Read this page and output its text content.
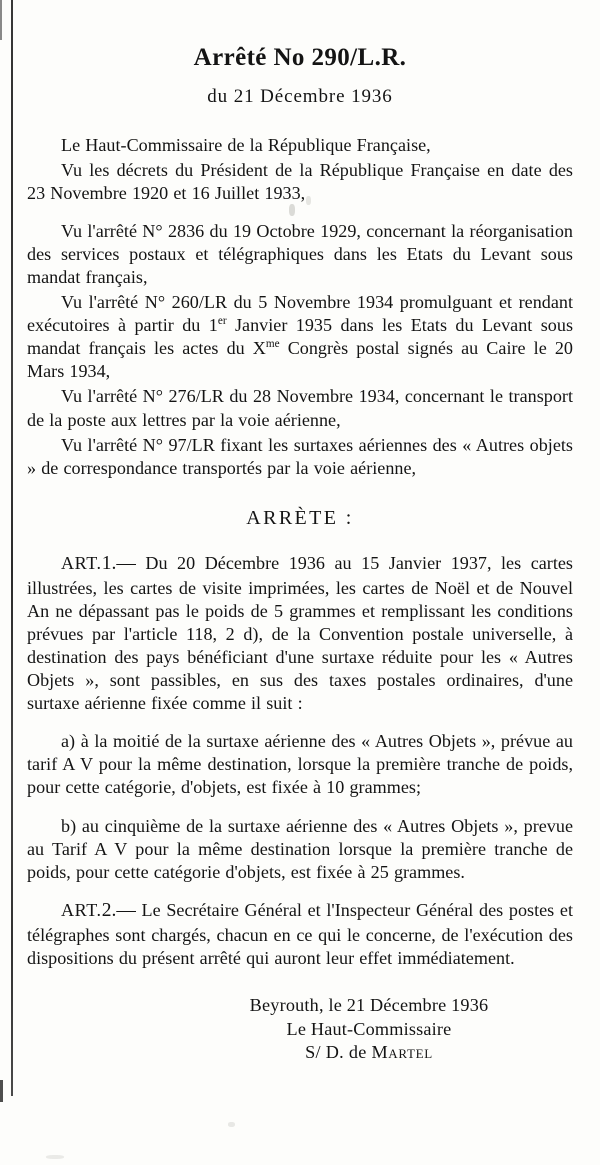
Arrêté No 290/L.R.
du 21 Décembre 1936

Le Haut-Commissaire de la République Française,

Vu les décrets du Président de la République Française en date des 23 Novembre 1920 et 16 Juillet 1933,

Vu l'arrêté N° 2836 du 19 Octobre 1929, concernant la réorganisation des services postaux et télégraphiques dans les Etats du Levant sous mandat français,

Vu l'arrêté N° 260/LR du 5 Novembre 1934 promulguant et rendant exécutoires à partir du 1er Janvier 1935 dans les Etats du Levant sous mandat français les actes du $X^{me}$ Congrès postal signés au Caire le 20 Mars 1934,

Vu l'arrêté N° 276/LR du 28 Novembre 1934, concernant le transport de la poste aux lettres par la voie aérienne,

Vu l'arrêté N° 97/LR fixant les surtaxes aériennes des « Autres objets » de correspondance transportés par la voie aérienne,

ARRÈTE :

ART.1.— Du 20 Décembre 1936 au 15 Janvier 1937, les cartes illustrées, les cartes de visite imprimées, les cartes de Noël et de Nouvel An ne dépassant pas le poids de 5 grammes et remplissant les conditions prévues par l'article 118, 2 d), de la Convention postale universelle, à destination des pays bénéficiant d'une surtaxe réduite pour les « Autres Objets », sont passibles, en sus des taxes postales ordinaires, d'une surtaxe aérienne fixée comme il suit :

a) à la moitié de la surtaxe aérienne des « Autres Objets », prévue au tarif A V pour la même destination, lorsque la première tranche de poids, pour cette catégorie, d'objets, est fixée à 10 grammes;

b) au cinquième de la surtaxe aérienne des « Autres Objets », prevue au Tarif A V pour la même destination lorsque la première tranche de poids, pour cette catégorie d'objets, est fixée à 25 grammes.

ART.2.— Le Secrétaire Général et l'Inspecteur Général des postes et télégraphes sont chargés, chacun en ce qui le concerne, de l'exécution des dispositions du présent arrêté qui auront leur effet immédiatement.

Beyrouth, le 21 Décembre 1936
Le Haut-Commissaire
S/ D. de Martel
